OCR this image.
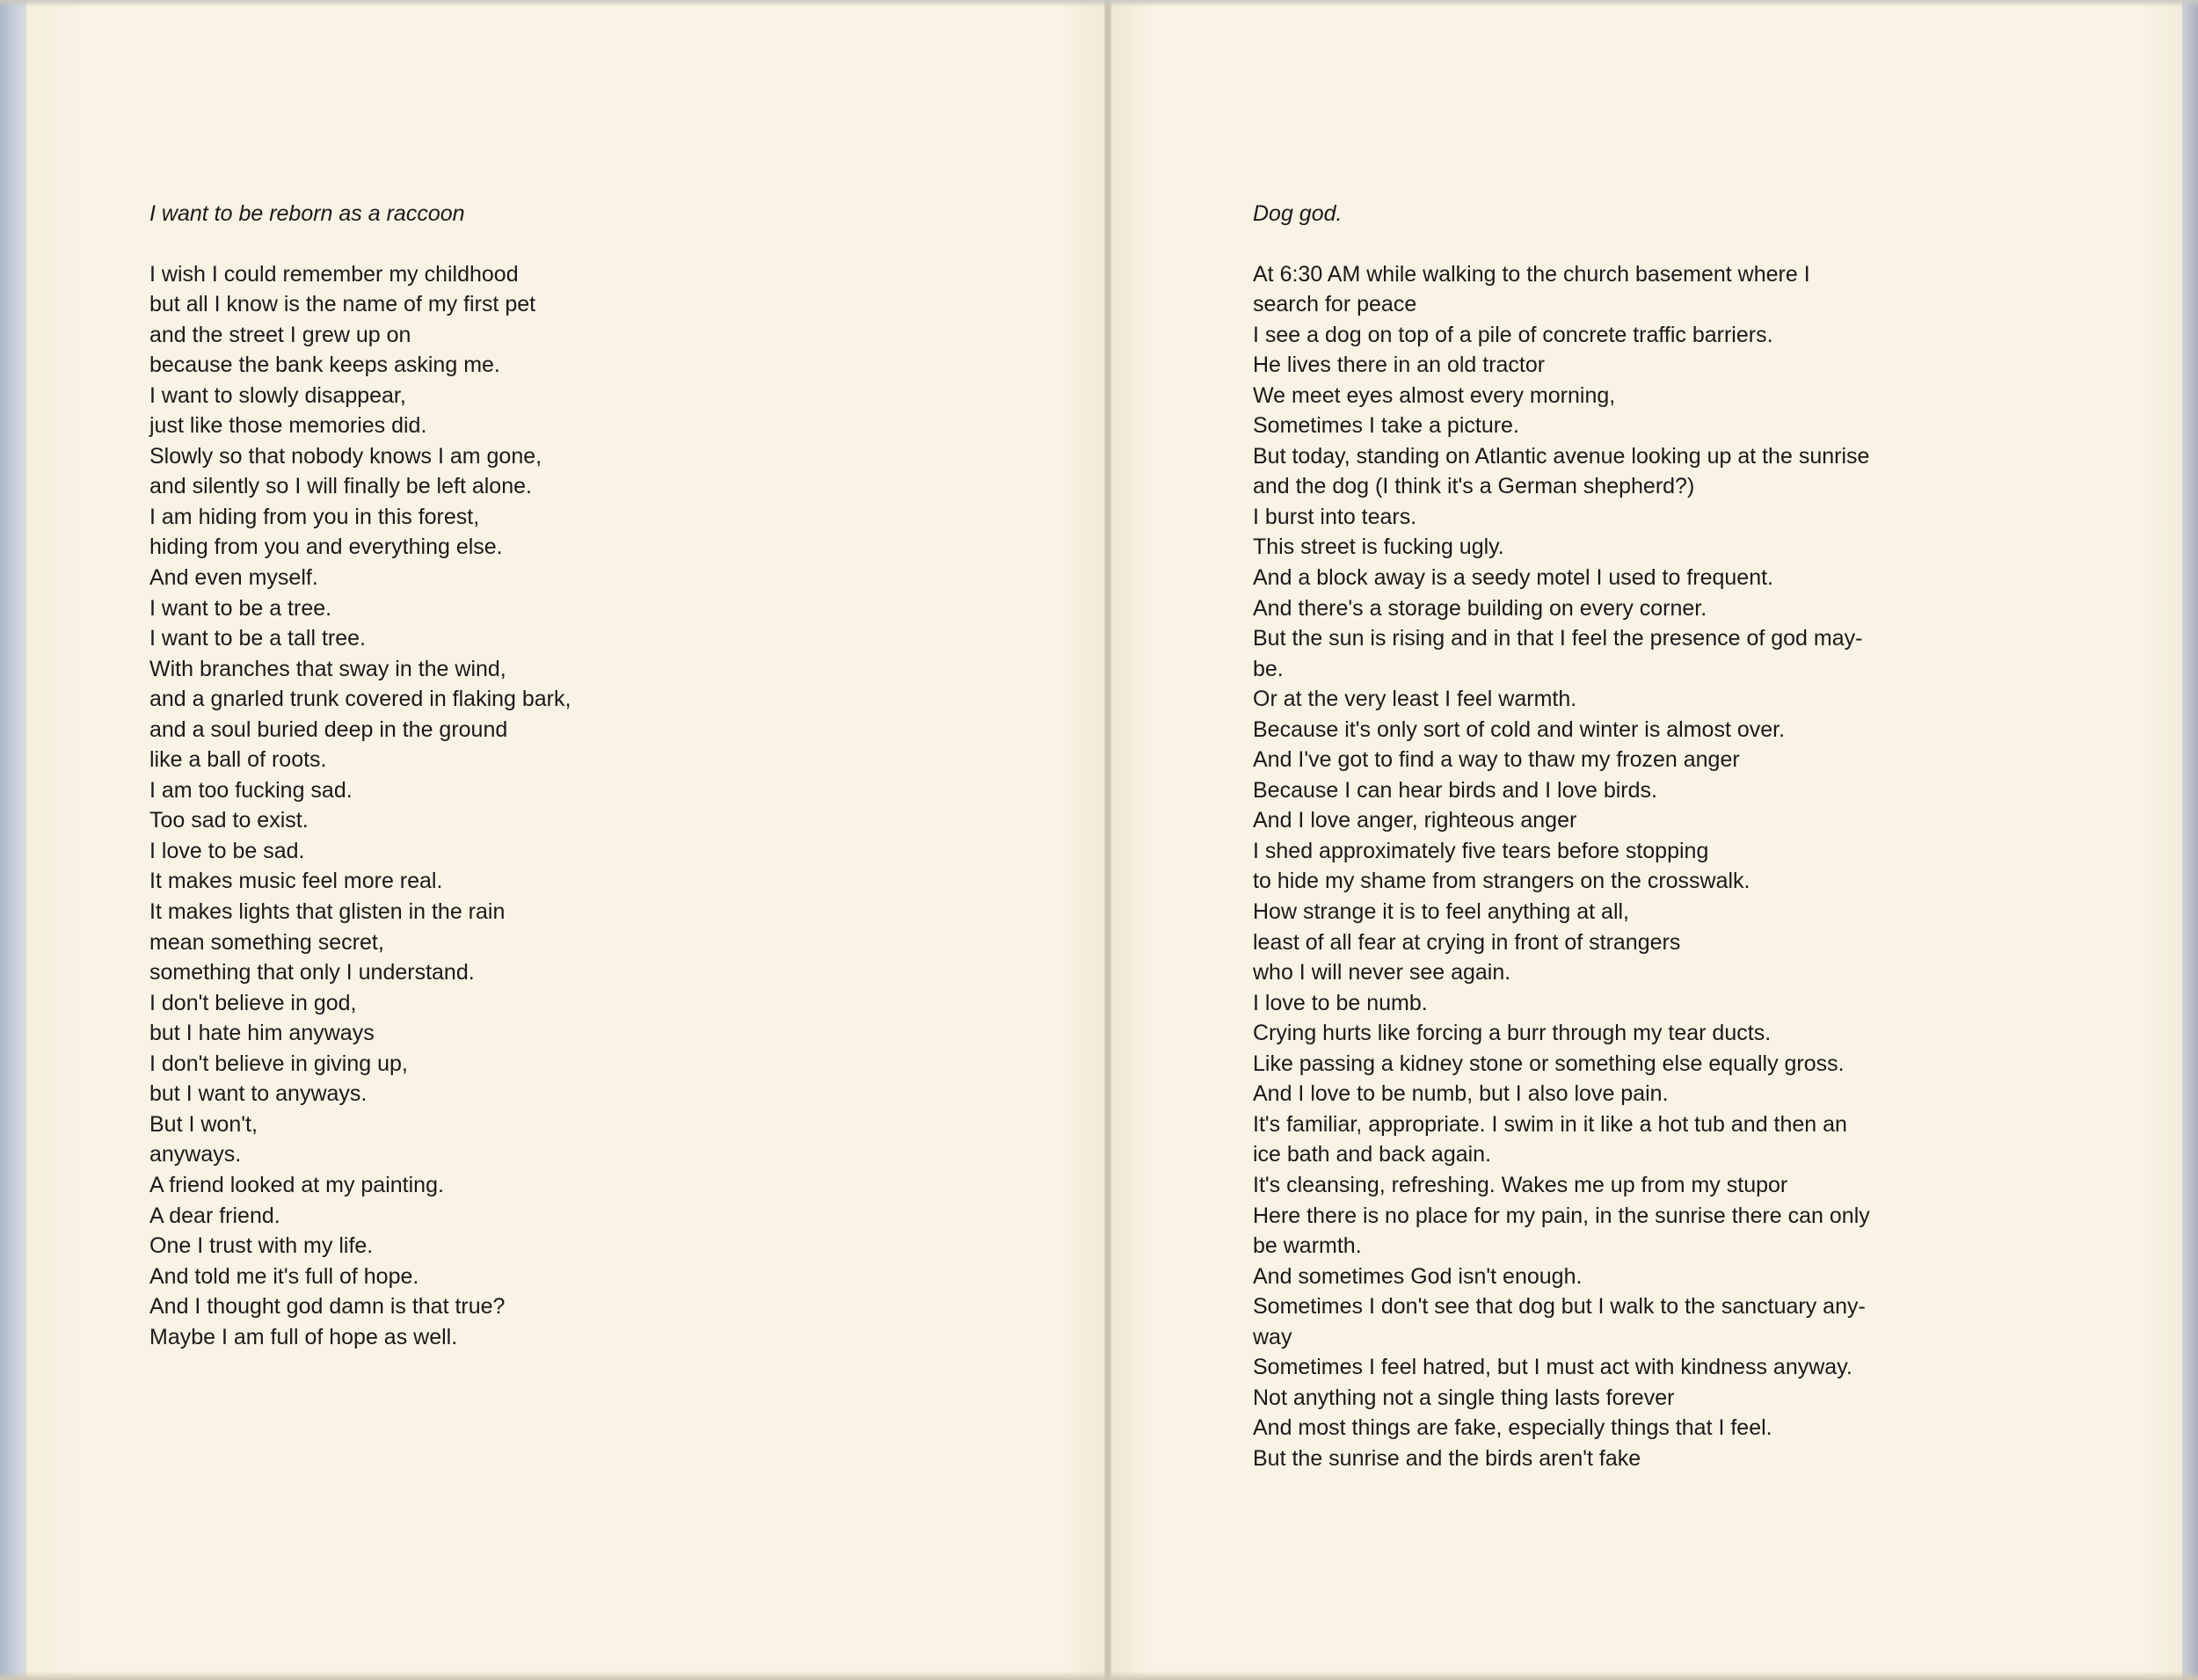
I want to be reborn as a raccoon
I wish I could remember my childhood
but all I know is the name of my first pet
and the street I grew up on
because the bank keeps asking me.
I want to slowly disappear,
just like those memories did.
Slowly so that nobody knows I am gone,
and silently so I will finally be left alone.
I am hiding from you in this forest,
hiding from you and everything else.
And even myself.
I want to be a tree.
I want to be a tall tree.
With branches that sway in the wind,
and a gnarled trunk covered in flaking bark,
and a soul buried deep in the ground
like a ball of roots.
I am too fucking sad.
Too sad to exist.
I love to be sad.
It makes music feel more real.
It makes lights that glisten in the rain
mean something secret,
something that only I understand.
I don't believe in god,
but I hate him anyways
I don't believe in giving up,
but I want to anyways.
But I won't,
anyways.
A friend looked at my painting.
A dear friend.
One I trust with my life.
And told me it's full of hope.
And I thought god damn is that true?
Maybe I am full of hope as well.
Dog god.
At 6:30 AM while walking to the church basement where I
search for peace
I see a dog on top of a pile of concrete traffic barriers.
He lives there in an old tractor
We meet eyes almost every morning,
Sometimes I take a picture.
But today, standing on Atlantic avenue looking up at the sunrise
and the dog (I think it's a German shepherd?)
I burst into tears.
This street is fucking ugly.
And a block away is a seedy motel I used to frequent.
And there's a storage building on every corner.
But the sun is rising and in that I feel the presence of god may-
be.
Or at the very least I feel warmth.
Because it's only sort of cold and winter is almost over.
And I've got to find a way to thaw my frozen anger
Because I can hear birds and I love birds.
And I love anger, righteous anger
I shed approximately five tears before stopping
to hide my shame from strangers on the crosswalk.
How strange it is to feel anything at all,
least of all fear at crying in front of strangers
who I will never see again.
I love to be numb.
Crying hurts like forcing a burr through my tear ducts.
Like passing a kidney stone or something else equally gross.
And I love to be numb, but I also love pain.
It's familiar, appropriate. I swim in it like a hot tub and then an
ice bath and back again.
It's cleansing, refreshing. Wakes me up from my stupor
Here there is no place for my pain, in the sunrise there can only
be warmth.
And sometimes God isn't enough.
Sometimes I don't see that dog but I walk to the sanctuary any-
way
Sometimes I feel hatred, but I must act with kindness anyway.
Not anything not a single thing lasts forever
And most things are fake, especially things that I feel.
But the sunrise and the birds aren't fake
